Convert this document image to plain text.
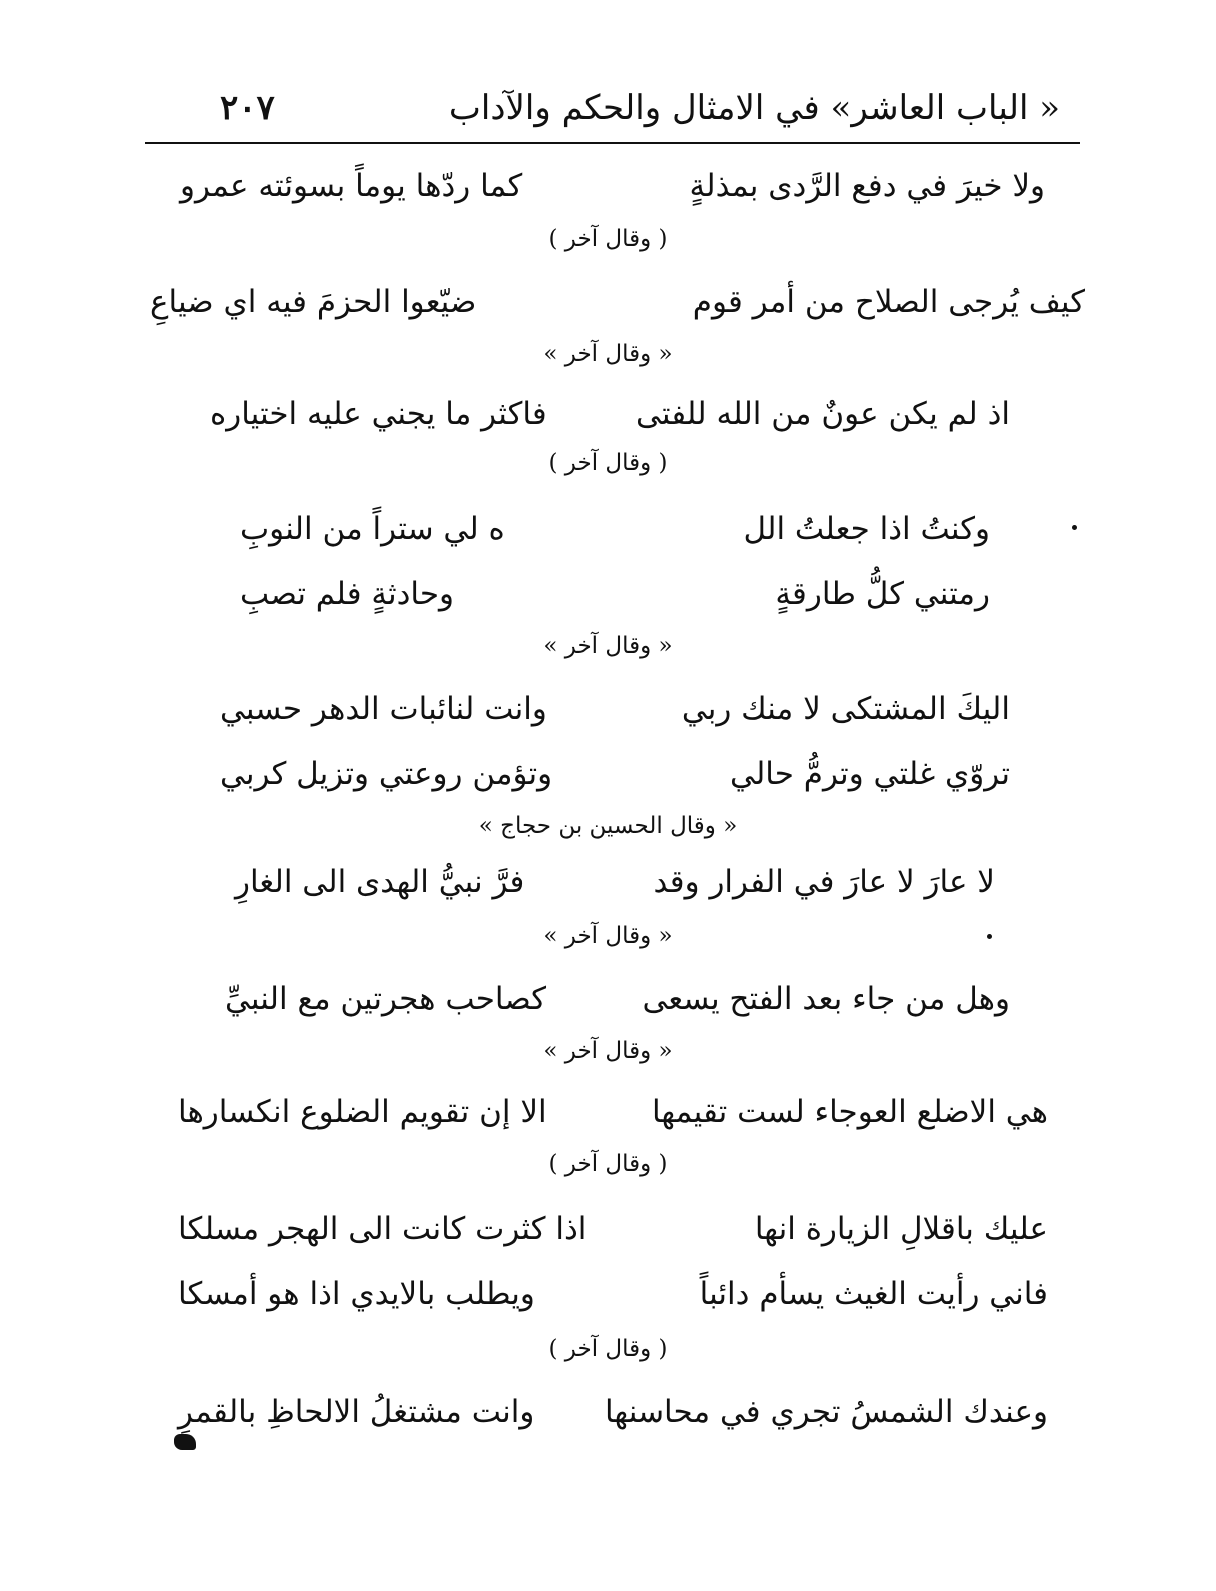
« الباب العاشر» في الامثال والحكم والآداب
٢٠٧
ولا خيرَ في دفع الرَّدى بمذلةٍ
كما ردّها يوماً بسوئته عمرو
( وقال آخر )
كيف يُرجى الصلاح من أمر قوم
ضيّعوا الحزمَ فيه اي ضياعِ
« وقال آخر »
اذ لم يكن عونٌ من الله للفتى
فاكثر ما يجني عليه اختياره
( وقال آخر )
وكنتُ اذا جعلتُ الل
ه لي ستراً من النوبِ
رمتني كلُّ طارقةٍ
وحادثةٍ فلم تصبِ
« وقال آخر »
اليكَ المشتكى لا منك ربي
وانت لنائبات الدهر حسبي
تروّي غلتي وترمُّ حالي
وتؤمن روعتي وتزيل كربي
« وقال الحسين بن حجاج »
لا عارَ لا عارَ في الفرار وقد
فرَّ نبيُّ الهدى الى الغارِ
« وقال آخر »
وهل من جاء بعد الفتح يسعى
كصاحب هجرتين مع النبيِّ
« وقال آخر »
هي الاضلع العوجاء لست تقيمها
الا إن تقويم الضلوع انكسارها
( وقال آخر )
عليك باقلالِ الزيارة انها
اذا كثرت كانت الى الهجر مسلكا
فاني رأيت الغيث يسأم دائباً
ويطلب بالايدي اذا هو أمسكا
( وقال آخر )
وعندك الشمسُ تجري في محاسنها
وانت مشتغلُ الالحاظِ بالقمرِ
